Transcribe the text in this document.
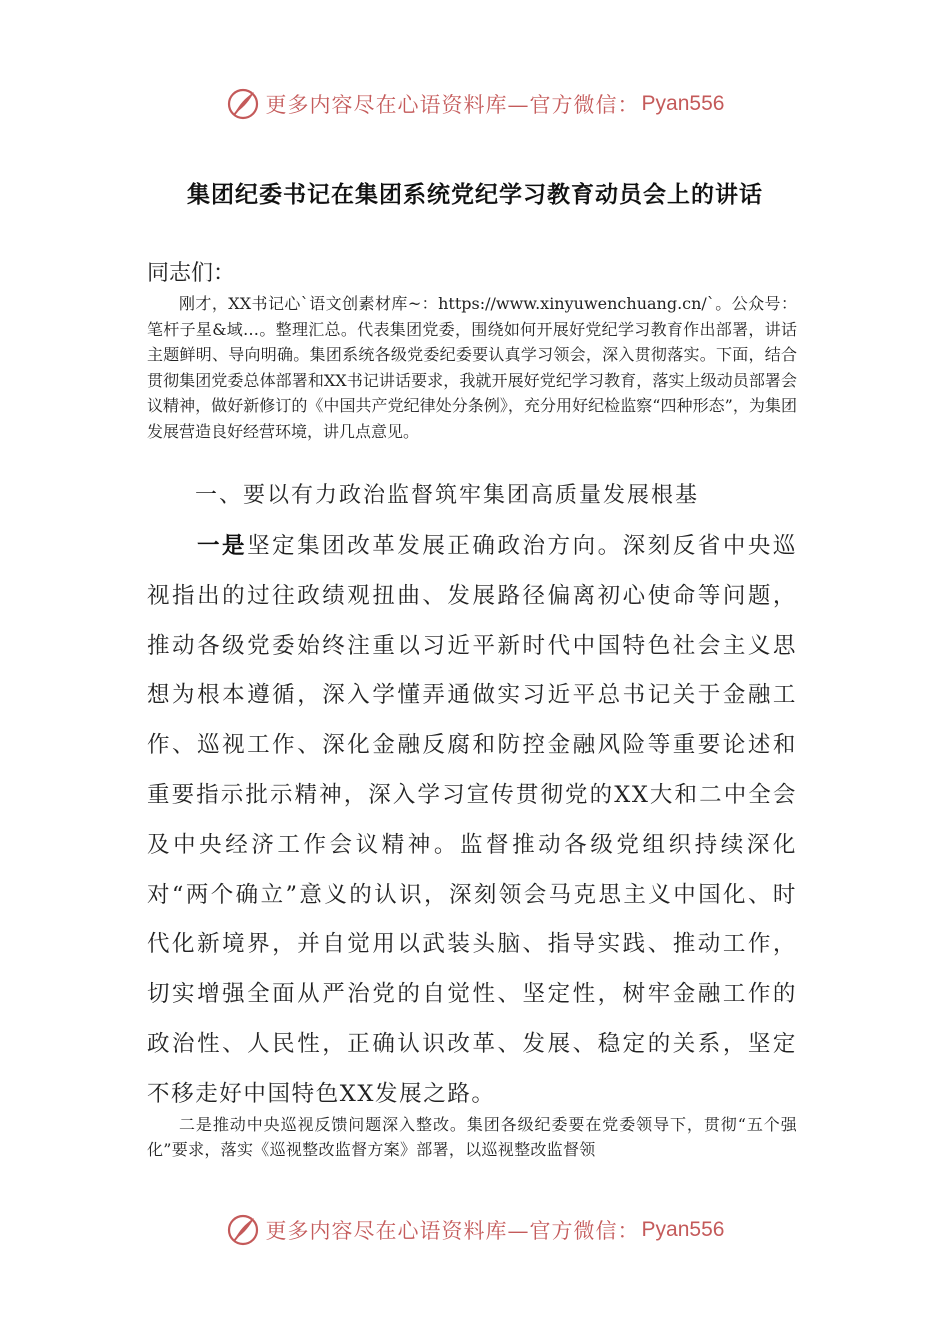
更多内容尽在心语资料库—官方微信： Pyan556
集团纪委书记在集团系统党纪学习教育动员会上的讲话
同志们：

刚才，XX书记心`语文创素材库~：https://www.xinyuwenchuang.cn/`。公众号：笔杆子星&域…。整理汇总。代表集团党委，围绕如何开展好党纪学习教育作出部署，讲话主题鲜明、导向明确。集团系统各级党委纪委要认真学习领会，深入贯彻落实。下面，结合贯彻集团党委总体部署和XX书记讲话要求，我就开展好党纪学习教育，落实上级动员部署会议精神，做好新修订的《中国共产党纪律处分条例》，充分用好纪检监察“四种形态”，为集团发展营造良好经营环境，讲几点意见。

一、要以有力政治监督筑牢集团高质量发展根基

一是坚定集团改革发展正确政治方向。深刻反省中央巡视指出的过往政绩观扭曲、发展路径偏离初心使命等问题，推动各级党委始终注重以习近平新时代中国特色社会主义思想为根本遵循，深入学懂弄通做实习近平总书记关于金融工作、巡视工作、深化金融反腐和防控金融风险等重要论述和重要指示批示精神，深入学习宣传贯彻党的XX大和二中全会及中央经济工作会议精神。监督推动各级党组织持续深化对“两个确立”意义的认识，深刻领会马克思主义中国化、时代化新境界，并自觉用以武装头脑、指导实践、推动工作，切实增强全面从严治党的自觉性、坚定性，树牢金融工作的政治性、人民性，正确认识改革、发展、稳定的关系，坚定不移走好中国特色XX发展之路。

二是推动中央巡视反馈问题深入整改。集团各级纪委要在党委领导下，贯彻“五个强化”要求，落实《巡视整改监督方案》部署，以巡视整改监督领

更多内容尽在心语资料库—官方微信： Pyan556
